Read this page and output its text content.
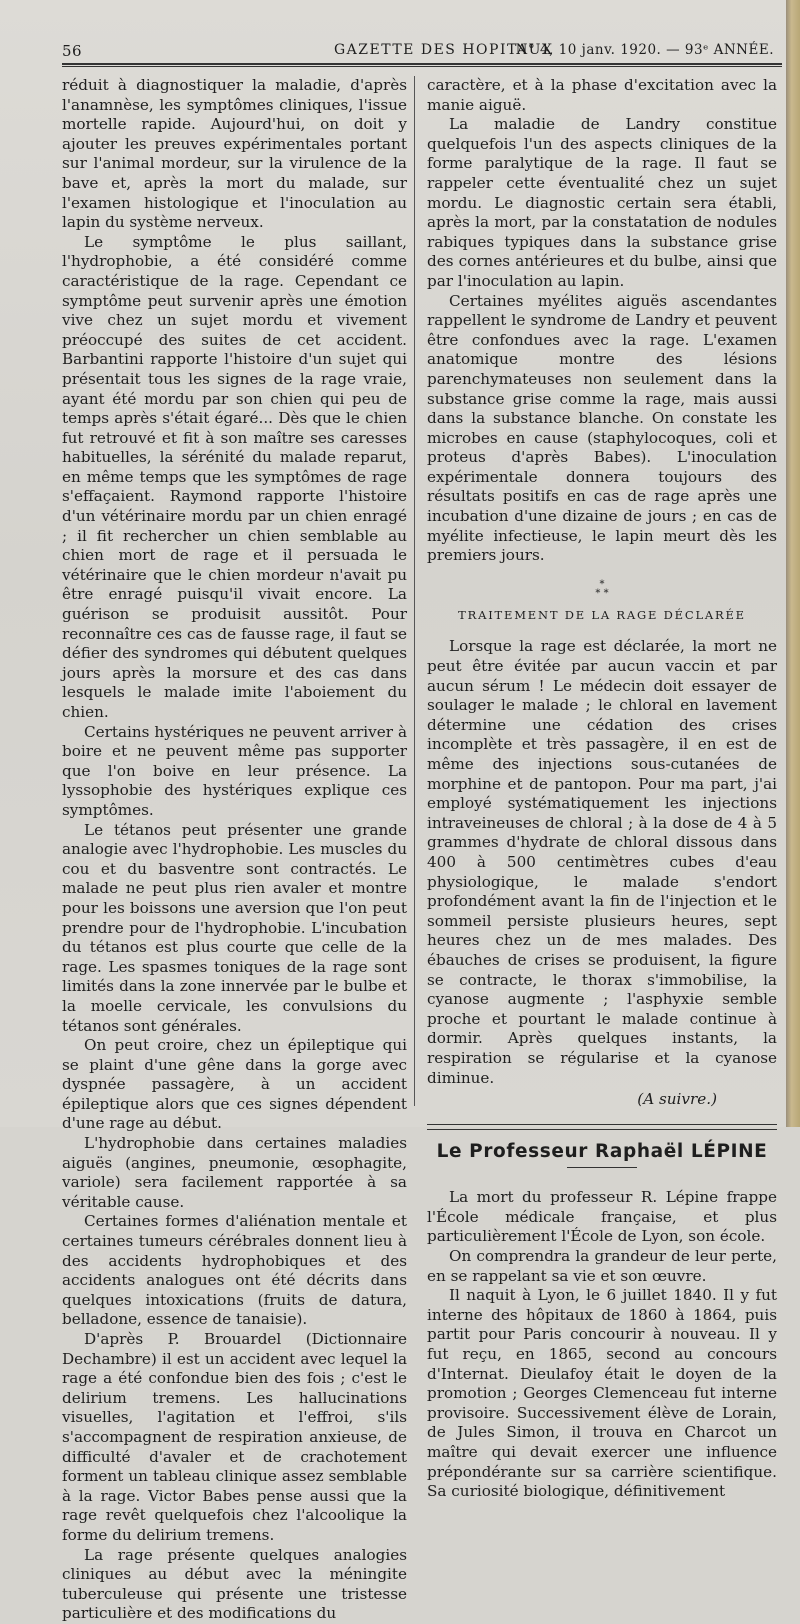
56	GAZETTE DES HOPITAUX
N° 4, 10 janv. 1920. — 93ᵉ ANNÉE.

réduit à diagnostiquer la maladie, d'après l'anamnèse, les symptômes cliniques, l'issue mortelle rapide. Aujourd'hui, on doit y ajouter les preuves expérimentales portant sur l'animal mordeur, sur la virulence de la bave et, après la mort du malade, sur l'examen histologique et l'inoculation au lapin du système nerveux.

Le symptôme le plus saillant, l'hydrophobie, a été considéré comme caractéristique de la rage. Cependant ce symptôme peut survenir après une émotion vive chez un sujet mordu et vivement préoccupé des suites de cet accident. Barbantini rapporte l'histoire d'un sujet qui présentait tous les signes de la rage vraie, ayant été mordu par son chien qui peu de temps après s'était égaré... Dès que le chien fut retrouvé et fit à son maître ses caresses habituelles, la sérénité du malade reparut, en même temps que les symptômes de rage s'effaçaient. Raymond rapporte l'histoire d'un vétérinaire mordu par un chien enragé ; il fit rechercher un chien semblable au chien mort de rage et il persuada le vétérinaire que le chien mordeur n'avait pu être enragé puisqu'il vivait encore. La guérison se produisit aussitôt. Pour reconnaître ces cas de fausse rage, il faut se défier des syndromes qui débutent quelques jours après la morsure et des cas dans lesquels le malade imite l'aboiement du chien.

Certains hystériques ne peuvent arriver à boire et ne peuvent même pas supporter que l'on boive en leur présence. La lyssophobie des hystériques explique ces symptômes.

Le tétanos peut présenter une grande analogie avec l'hydrophobie. Les muscles du cou et du basventre sont contractés. Le malade ne peut plus rien avaler et montre pour les boissons une aversion que l'on peut prendre pour de l'hydrophobie. L'incubation du tétanos est plus courte que celle de la rage. Les spasmes toniques de la rage sont limités dans la zone innervée par le bulbe et la moelle cervicale, les convulsions du tétanos sont générales.

On peut croire, chez un épileptique qui se plaint d'une gêne dans la gorge avec dyspnée passagère, à un accident épileptique alors que ces signes dépendent d'une rage au début.

L'hydrophobie dans certaines maladies aiguës (angines, pneumonie, œsophagite, variole) sera facilement rapportée à sa véritable cause.

Certaines formes d'aliénation mentale et certaines tumeurs cérébrales donnent lieu à des accidents hydrophobiques et des accidents analogues ont été décrits dans quelques intoxications (fruits de datura, belladone, essence de tanaisie).

D'après P. Brouardel (Dictionnaire Dechambre) il est un accident avec lequel la rage a été confondue bien des fois ; c'est le delirium tremens. Les hallucinations visuelles, l'agitation et l'effroi, s'ils s'accompagnent de respiration anxieuse, de difficulté d'avaler et de crachotement forment un tableau clinique assez semblable à la rage. Victor Babes pense aussi que la rage revêt quelquefois chez l'alcoolique la forme du delirium tremens.

La rage présente quelques analogies cliniques au début avec la méningite tuberculeuse qui présente une tristesse particulière et des modifications du

caractère, et à la phase d'excitation avec la manie aiguë.

La maladie de Landry constitue quelquefois l'un des aspects cliniques de la forme paralytique de la rage. Il faut se rappeler cette éventualité chez un sujet mordu. Le diagnostic certain sera établi, après la mort, par la constatation de nodules rabiques typiques dans la substance grise des cornes antérieures et du bulbe, ainsi que par l'inoculation au lapin.

Certaines myélites aiguës ascendantes rappellent le syndrome de Landry et peuvent être confondues avec la rage. L'examen anatomique montre des lésions parenchymateuses non seulement dans la substance grise comme la rage, mais aussi dans la substance blanche. On constate les microbes en cause (staphylocoques, coli et proteus d'après Babes). L'inoculation expérimentale donnera toujours des résultats positifs en cas de rage après une incubation d'une dizaine de jours ; en cas de myélite infectieuse, le lapin meurt dès les premiers jours.

*
* *
TRAITEMENT DE LA RAGE DÉCLARÉE

Lorsque la rage est déclarée, la mort ne peut être évitée par aucun vaccin et par aucun sérum ! Le médecin doit essayer de soulager le malade ; le chloral en lavement détermine une cédation des crises incomplète et très passagère, il en est de même des injections sous-cutanées de morphine et de pantopon. Pour ma part, j'ai employé systématiquement les injections intraveineuses de chloral ; à la dose de 4 à 5 grammes d'hydrate de chloral dissous dans 400 à 500 centimètres cubes d'eau physiologique, le malade s'endort profondément avant la fin de l'injection et le sommeil persiste plusieurs heures, sept heures chez un de mes malades. Des ébauches de crises se produisent, la figure se contracte, le thorax s'immobilise, la cyanose augmente ; l'asphyxie semble proche et pourtant le malade continue à dormir. Après quelques instants, la respiration se régularise et la cyanose diminue.

(A suivre.)

Le Professeur Raphaël LÉPINE

La mort du professeur R. Lépine frappe l'École médicale française, et plus particulièrement l'École de Lyon, son école.

On comprendra la grandeur de leur perte, en se rappelant sa vie et son œuvre.

Il naquit à Lyon, le 6 juillet 1840. Il y fut interne des hôpitaux de 1860 à 1864, puis partit pour Paris concourir à nouveau. Il y fut reçu, en 1865, second au concours d'Internat. Dieulafoy était le doyen de la promotion ; Georges Clemenceau fut interne provisoire. Successivement élève de Lorain, de Jules Simon, il trouva en Charcot un maître qui devait exercer une influence prépondérante sur sa carrière scientifique. Sa curiosité biologique, définitivement
